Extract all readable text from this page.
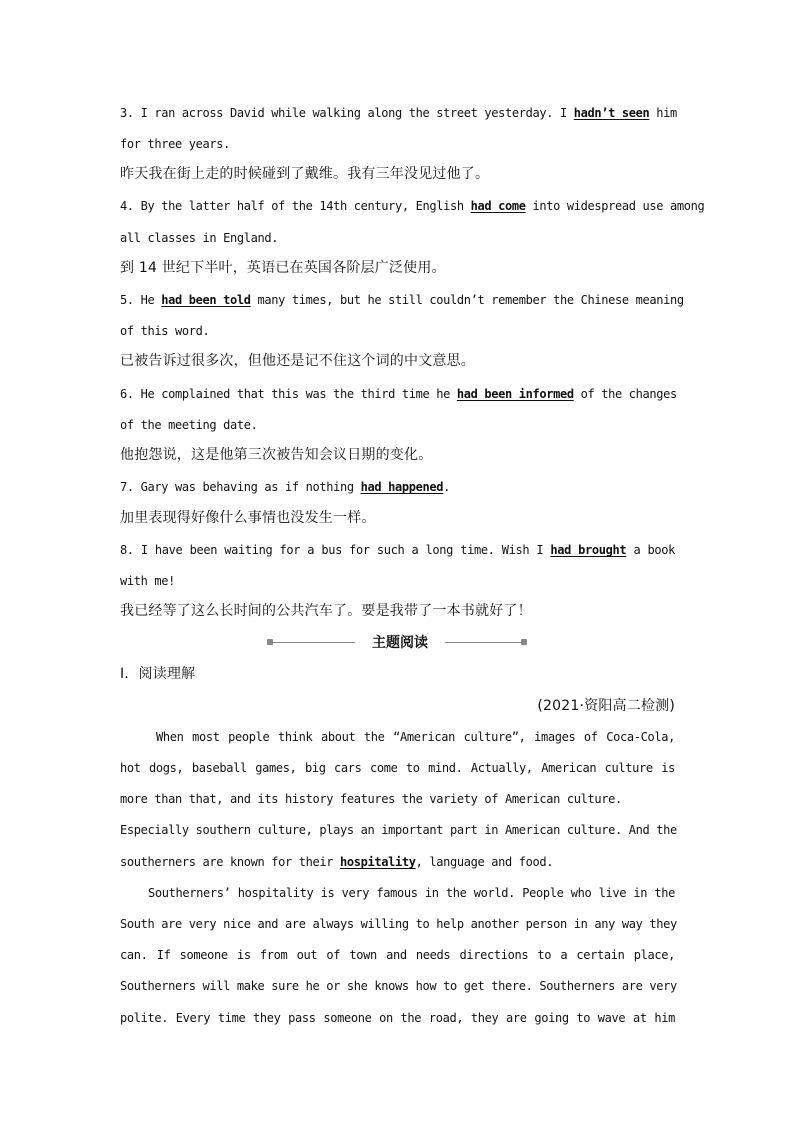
3. I ran across David while walking along the street yesterday. I hadn’t seen him
for three years.
昨天我在街上走的时候碰到了戴维。我有三年没见过他了。
4. By the latter half of the 14th century, English had come into widespread use among
all classes in England.
到 14 世纪下半叶，英语已在英国各阶层广泛使用。
5. He had been told many times, but he still couldn’t remember the Chinese meaning
of this word.
已被告诉过很多次，但他还是记不住这个词的中文意思。
6. He complained that this was the third time he had been informed of the changes
of the meeting date.
他抱怨说，这是他第三次被告知会议日期的变化。
7. Gary was behaving as if nothing had happened.
加里表现得好像什么事情也没发生一样。
8. I have been waiting for a bus for such a long time. Wish I had brought a book
with me!
我已经等了这么长时间的公共汽车了。要是我带了一本书就好了！
主题阅读
Ⅰ．阅读理解
(2021·资阳高二检测)
When most people think about the “American culture”, images of Coca-Cola,
hot dogs, baseball games, big cars come to mind. Actually, American culture is
more than that, and its history features the variety of American culture.
Especially southern culture, plays an important part in American culture. And the
southerners are known for their hospitality, language and food.
Southerners’ hospitality is very famous in the world. People who live in the
South are very nice and are always willing to help another person in any way they
can. If someone is from out of town and needs directions to a certain place,
Southerners will make sure he or she knows how to get there. Southerners are very
polite. Every time they pass someone on the road, they are going to wave at him
